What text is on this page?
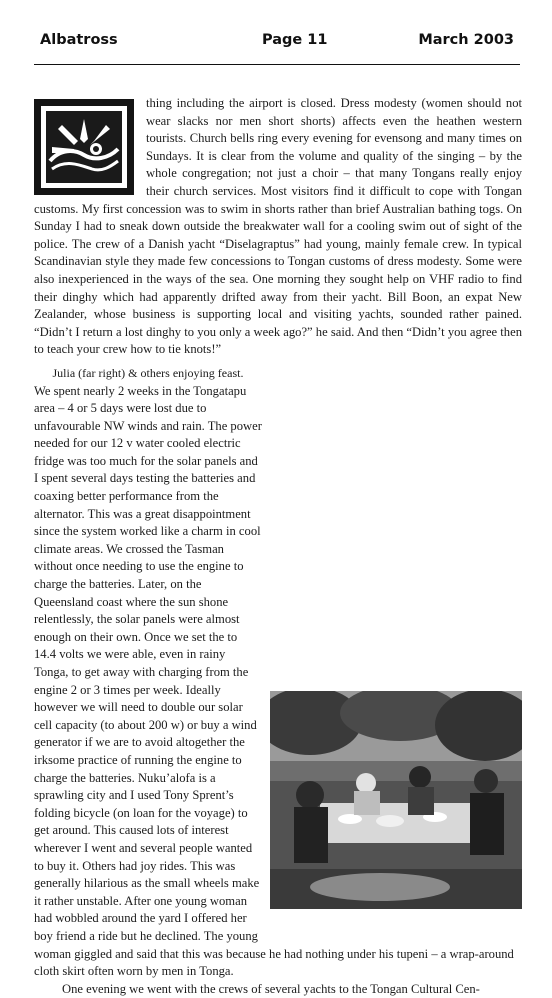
Albatross	Page 11	March 2003

thing including the airport is closed. Dress modesty (women should not wear slacks nor men short shorts) affects even the heathen western tourists. Church bells ring every evening for evensong and many times on Sundays. It is clear from the volume and quality of the singing – by the whole congregation; not just a choir – that many Tongans really enjoy their church services. Most visitors find it difficult to cope with Tongan customs. My first concession was to swim in shorts rather than brief Australian bathing togs. On Sunday I had to sneak down outside the breakwater wall for a cooling swim out of sight of the police. The crew of a Danish yacht “Diselagraptus” had young, mainly female crew. In typical Scandinavian style they made few concessions to Tongan customs of dress modesty. Some were also inexperienced in the ways of the sea. One morning they sought help on VHF radio to find their dinghy which had apparently drifted away from their yacht. Bill Boon, an expat New Zealander, whose business is supporting local and visiting yachts, sounded rather pained. “Didn’t I return a lost dinghy to you only a week ago?” he said. And then “Didn’t you agree then to teach your crew how to tie knots!”

Julia (far right) & others enjoying feast.
We spent nearly 2 weeks in the Tongatapu area – 4 or 5 days were lost due to unfavourable NW winds and rain. The power needed for our 12 v water cooled electric fridge was too much for the solar panels and I spent several days testing the batteries and coaxing better performance from the alternator. This was a great disappointment since the system worked like a charm in cool climate areas. We crossed the Tasman without once needing to use the engine to charge the batteries. Later, on the Queensland coast where the sun shone relentlessly, the solar panels were almost enough on their own. Once we set the to 14.4 volts we were able, even in rainy Tonga, to get away with charging from the engine 2 or 3 times per week. Ideally however we will need to double our solar cell capacity (to about 200 w) or buy a wind generator if we are to avoid altogether the irksome practice of running the engine to charge the batteries. Nuku’alofa is a sprawling city and I used Tony Sprent’s folding bicycle (on loan for the voyage) to get around. This caused lots of interest wherever I went and several people wanted to buy it. Others had joy rides. This was generally hilarious as the small wheels make it rather unstable. After one young woman had wobbled around the yard I offered her boy friend a ride but he declined. The young woman giggled and said that this was because he had nothing under his tupeni – a wrap-around cloth skirt often worn by men in Tonga.

One evening we went with the crews of several yachts to the Tongan Cultural Cen-
